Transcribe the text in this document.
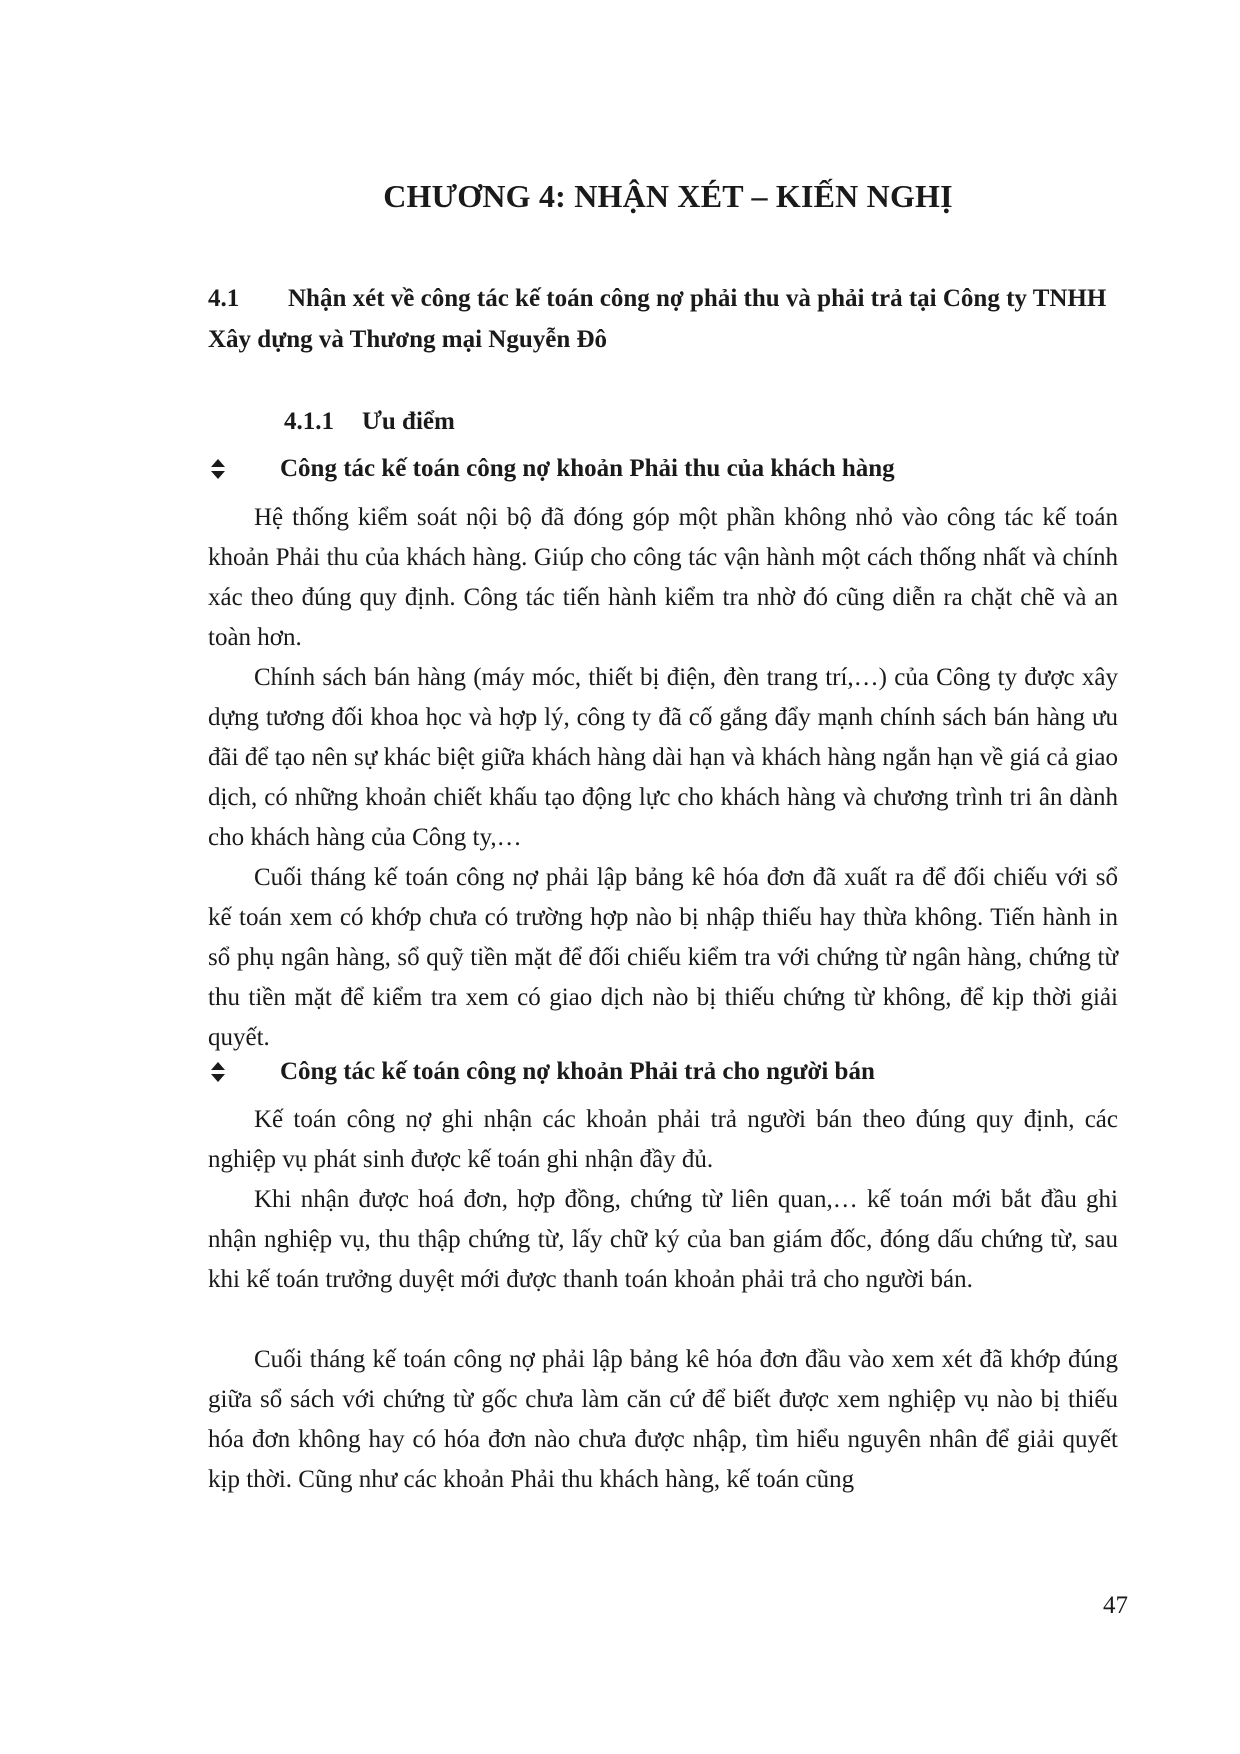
CHƯƠNG 4: NHẬN XÉT – KIẾN NGHỊ
4.1 Nhận xét về công tác kế toán công nợ phải thu và phải trả tại Công ty TNHH Xây dựng và Thương mại Nguyễn Đô
4.1.1 Ưu điểm
Công tác kế toán công nợ khoản Phải thu của khách hàng

Hệ thống kiểm soát nội bộ đã đóng góp một phần không nhỏ vào công tác kế toán khoản Phải thu của khách hàng. Giúp cho công tác vận hành một cách thống nhất và chính xác theo đúng quy định. Công tác tiến hành kiểm tra nhờ đó cũng diễn ra chặt chẽ và an toàn hơn.

Chính sách bán hàng (máy móc, thiết bị điện, đèn trang trí,…) của Công ty được xây dựng tương đối khoa học và hợp lý, công ty đã cố gắng đẩy mạnh chính sách bán hàng ưu đãi để tạo nên sự khác biệt giữa khách hàng dài hạn và khách hàng ngắn hạn về giá cả giao dịch, có những khoản chiết khấu tạo động lực cho khách hàng và chương trình tri ân dành cho khách hàng của Công ty,…

Cuối tháng kế toán công nợ phải lập bảng kê hóa đơn đã xuất ra để đối chiếu với sổ kế toán xem có khớp chưa có trường hợp nào bị nhập thiếu hay thừa không. Tiến hành in sổ phụ ngân hàng, sổ quỹ tiền mặt để đối chiếu kiểm tra với chứng từ ngân hàng, chứng từ thu tiền mặt để kiểm tra xem có giao dịch nào bị thiếu chứng từ không, để kịp thời giải quyết.

Công tác kế toán công nợ khoản Phải trả cho người bán

Kế toán công nợ ghi nhận các khoản phải trả người bán theo đúng quy định, các nghiệp vụ phát sinh được kế toán ghi nhận đầy đủ.

Khi nhận được hoá đơn, hợp đồng, chứng từ liên quan,… kế toán mới bắt đầu ghi nhận nghiệp vụ, thu thập chứng từ, lấy chữ ký của ban giám đốc, đóng dấu chứng từ, sau khi kế toán trưởng duyệt mới được thanh toán khoản phải trả cho người bán.

Cuối tháng kế toán công nợ phải lập bảng kê hóa đơn đầu vào xem xét đã khớp đúng giữa sổ sách với chứng từ gốc chưa làm căn cứ để biết được xem nghiệp vụ nào bị thiếu hóa đơn không hay có hóa đơn nào chưa được nhập, tìm hiểu nguyên nhân để giải quyết kịp thời. Cũng như các khoản Phải thu khách hàng, kế toán cũng

47
